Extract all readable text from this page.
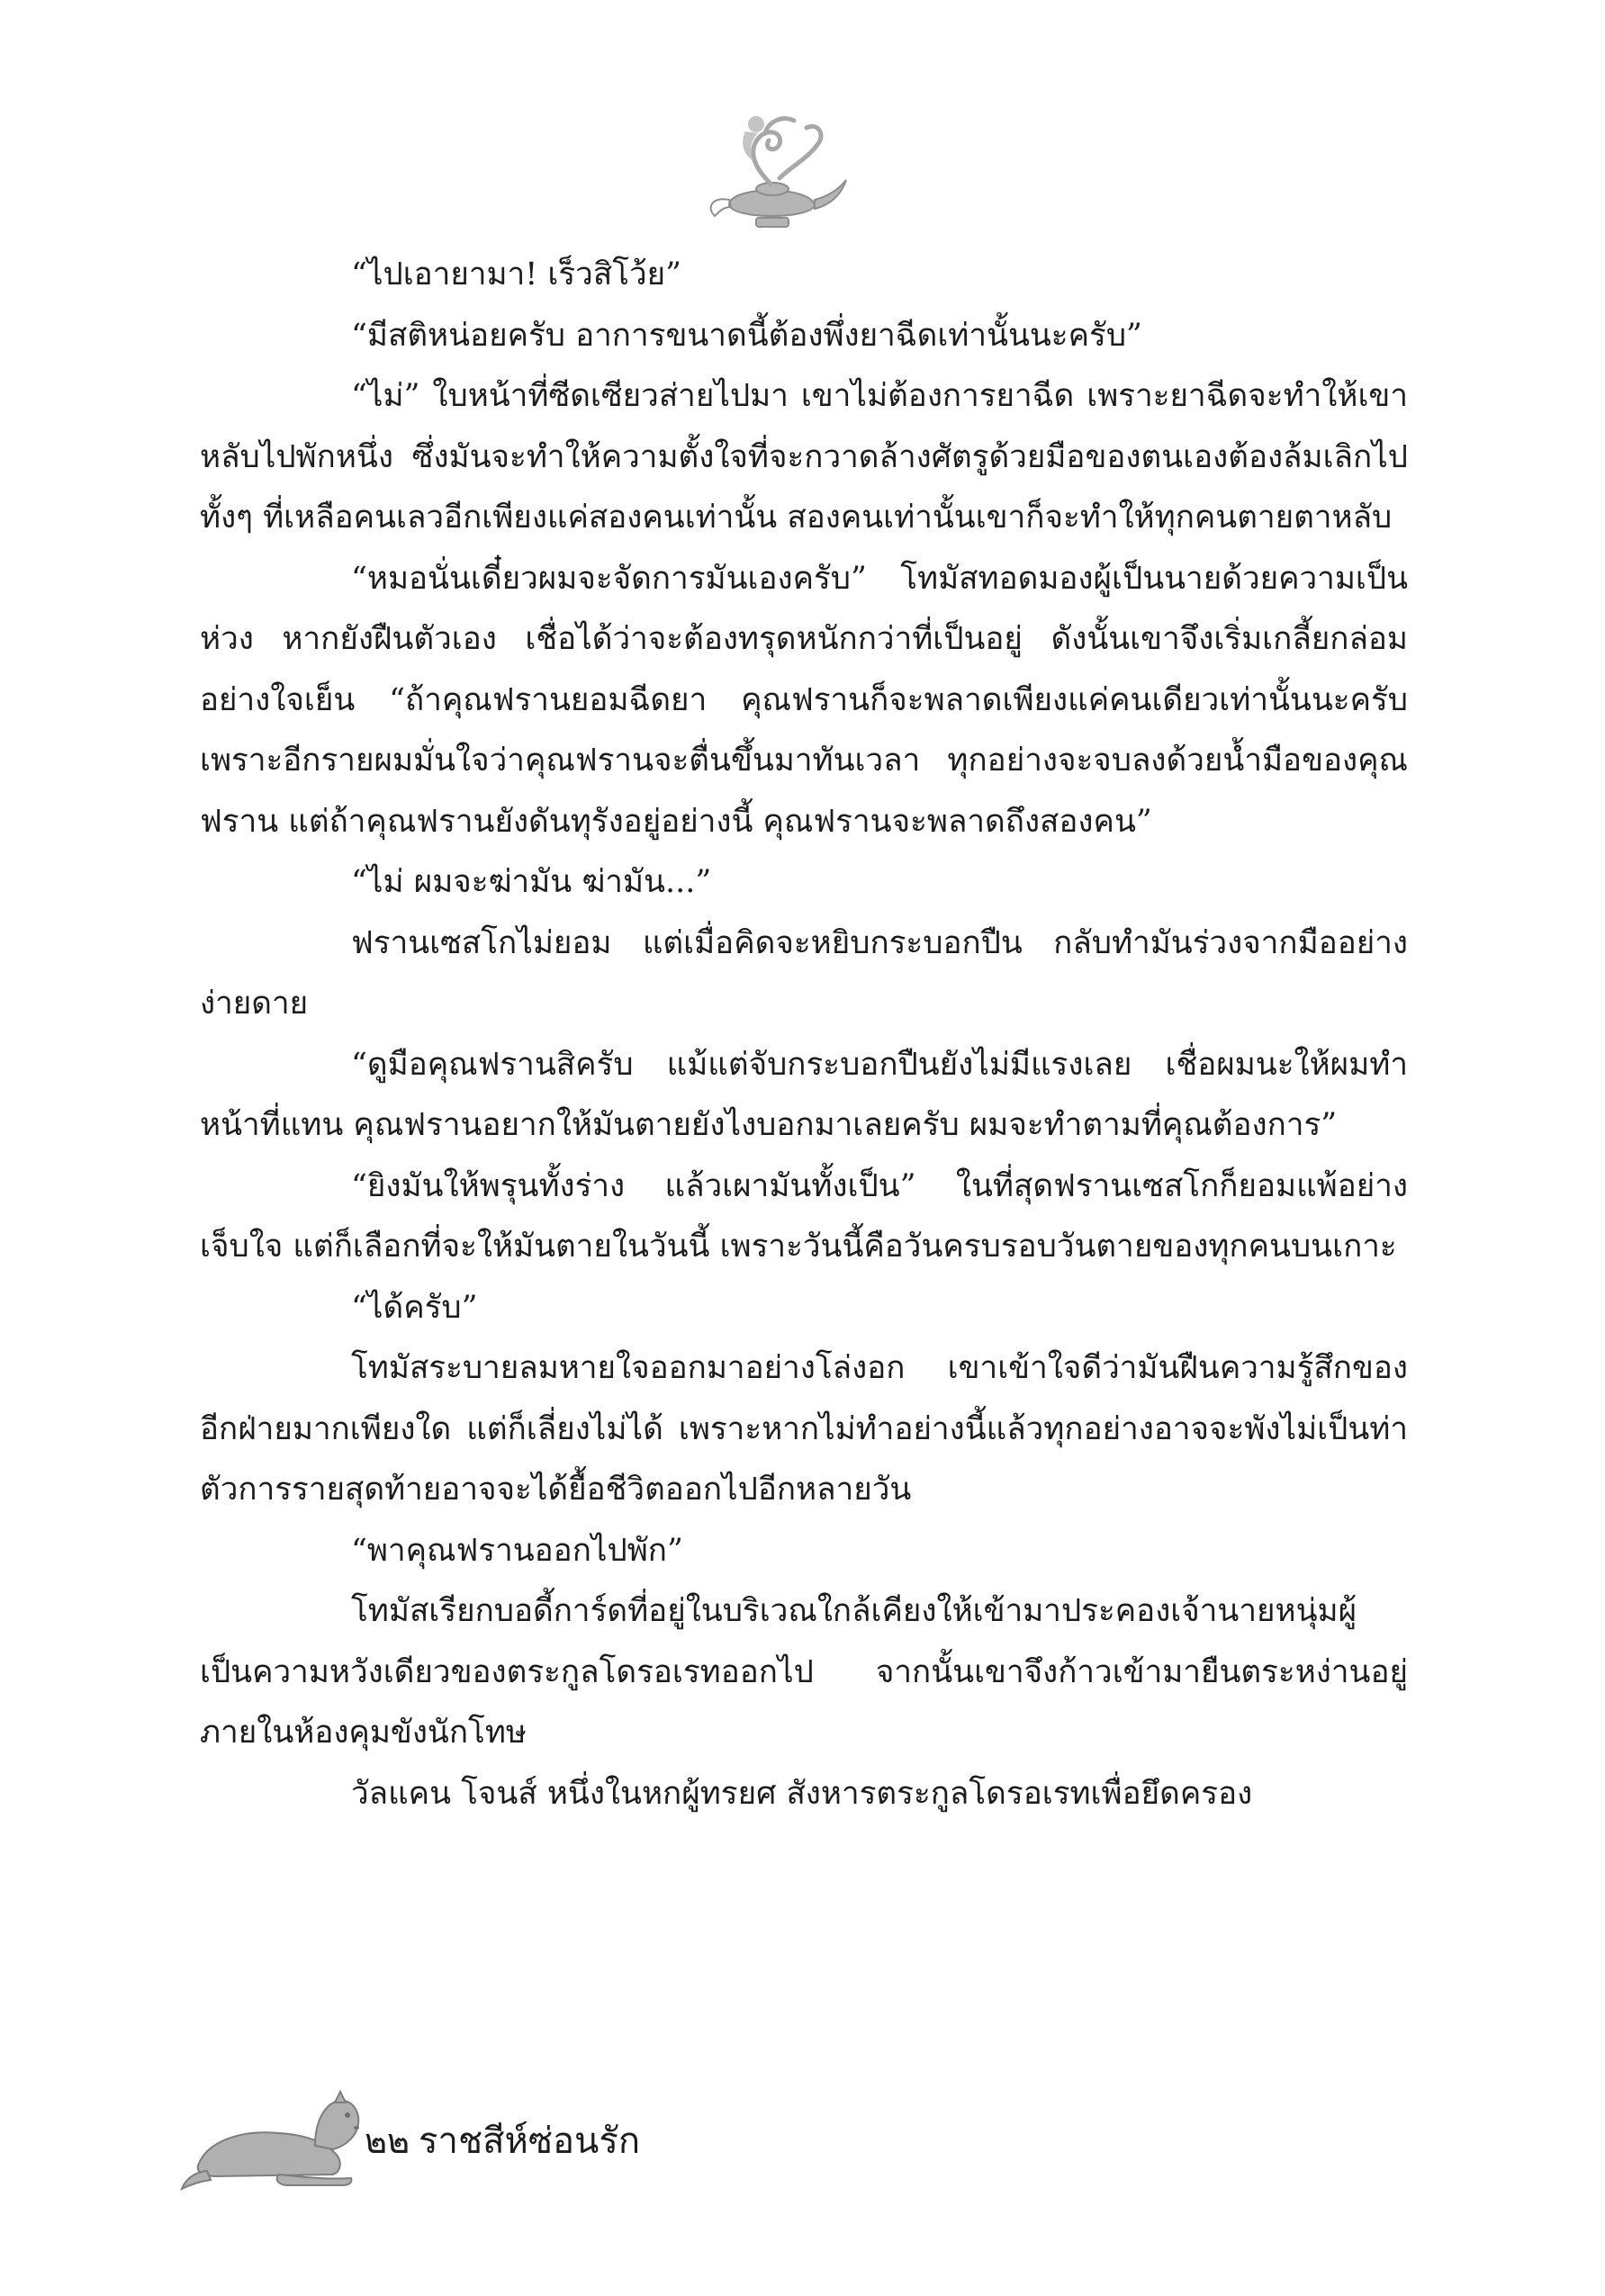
“ไปเอายามา! เร็วสิโว้ย”

“มีสติหน่อยครับ อาการขนาดนี้ต้องพึ่งยาฉีดเท่านั้นนะครับ”

“ไม่” ใบหน้าที่ซีดเซียวส่ายไปมา เขาไม่ต้องการยาฉีด เพราะยาฉีดจะทำให้เขาหลับไปพักหนึ่ง ซึ่งมันจะทำให้ความตั้งใจที่จะกวาดล้างศัตรูด้วยมือของตนเองต้องล้มเลิกไป ทั้งๆ ที่เหลือคนเลวอีกเพียงแค่สองคนเท่านั้น สองคนเท่านั้นเขาก็จะทำให้ทุกคนตายตาหลับ

“หมอนั่นเดี๋ยวผมจะจัดการมันเองครับ” โทมัสทอดมองผู้เป็นนายด้วยความเป็นห่วง หากยังฝืนตัวเอง เชื่อได้ว่าจะต้องทรุดหนักกว่าที่เป็นอยู่ ดังนั้นเขาจึงเริ่มเกลี้ยกล่อมอย่างใจเย็น “ถ้าคุณฟรานยอมฉีดยา คุณฟรานก็จะพลาดเพียงแค่คนเดียวเท่านั้นนะครับ เพราะอีกรายผมมั่นใจว่าคุณฟรานจะตื่นขึ้นมาทันเวลา ทุกอย่างจะจบลงด้วยน้ำมือของคุณฟราน แต่ถ้าคุณฟรานยังดันทุรังอยู่อย่างนี้ คุณฟรานจะพลาดถึงสองคน”

“ไม่ ผมจะฆ่ามัน ฆ่ามัน...”

ฟรานเซสโกไม่ยอม แต่เมื่อคิดจะหยิบกระบอกปืน กลับทำมันร่วงจากมืออย่างง่ายดาย

“ดูมือคุณฟรานสิครับ แม้แต่จับกระบอกปืนยังไม่มีแรงเลย เชื่อผมนะให้ผมทำหน้าที่แทน คุณฟรานอยากให้มันตายยังไงบอกมาเลยครับ ผมจะทำตามที่คุณต้องการ”

“ยิงมันให้พรุนทั้งร่าง แล้วเผามันทั้งเป็น” ในที่สุดฟรานเซสโกก็ยอมแพ้อย่างเจ็บใจ แต่ก็เลือกที่จะให้มันตายในวันนี้ เพราะวันนี้คือวันครบรอบวันตายของทุกคนบนเกาะ

“ได้ครับ”

โทมัสระบายลมหายใจออกมาอย่างโล่งอก เขาเข้าใจดีว่ามันฝืนความรู้สึกของอีกฝ่ายมากเพียงใด แต่ก็เลี่ยงไม่ได้ เพราะหากไม่ทำอย่างนี้แล้วทุกอย่างอาจจะพังไม่เป็นท่า ตัวการรายสุดท้ายอาจจะได้ยื้อชีวิตออกไปอีกหลายวัน

“พาคุณฟรานออกไปพัก”

โทมัสเรียกบอดี้การ์ดที่อยู่ในบริเวณใกล้เคียงให้เข้ามาประคองเจ้านายหนุ่มผู้เป็นความหวังเดียวของตระกูลโดรอเรทออกไป จากนั้นเขาจึงก้าวเข้ามายืนตระหง่านอยู่ภายในห้องคุมขังนักโทษ

วัลแคน โจนส์ หนึ่งในหกผู้ทรยศ สังหารตระกูลโดรอเรทเพื่อยึดครอง

๒๒ ราชสีห์ซ่อนรัก
